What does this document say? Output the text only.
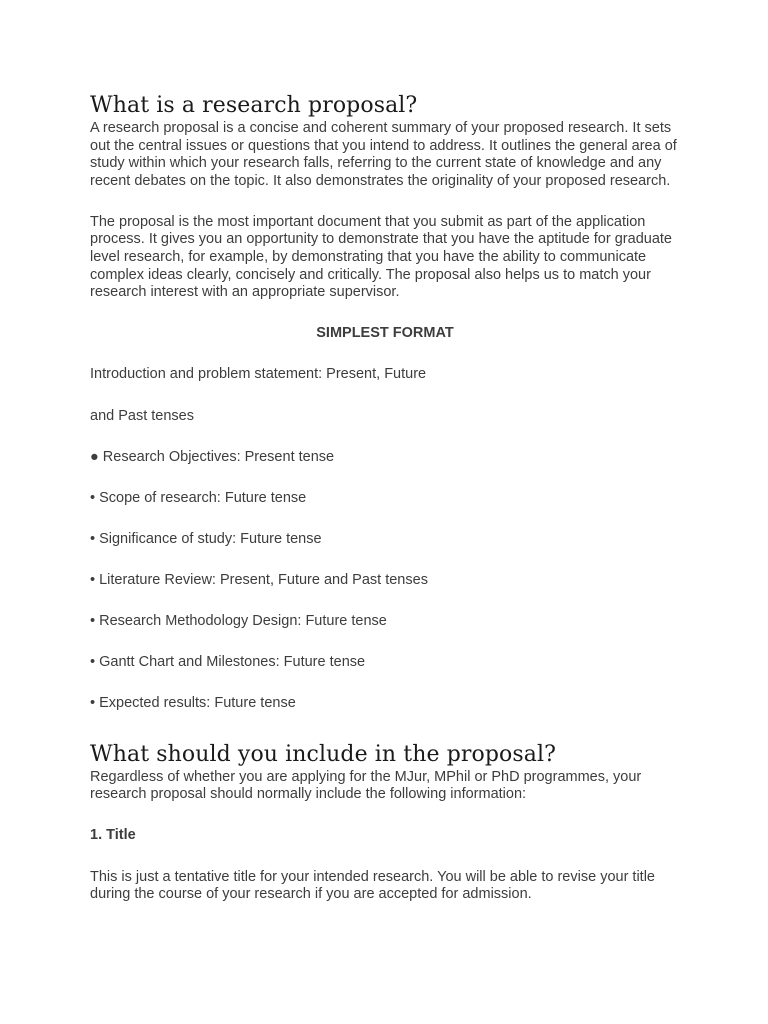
What is a research proposal?

A research proposal is a concise and coherent summary of your proposed research. It sets out the central issues or questions that you intend to address. It outlines the general area of study within which your research falls, referring to the current state of knowledge and any recent debates on the topic. It also demonstrates the originality of your proposed research.

The proposal is the most important document that you submit as part of the application process. It gives you an opportunity to demonstrate that you have the aptitude for graduate level research, for example, by demonstrating that you have the ability to communicate complex ideas clearly, concisely and critically. The proposal also helps us to match your research interest with an appropriate supervisor.

SIMPLEST FORMAT

Introduction and problem statement: Present, Future

and Past tenses

● Research Objectives: Present tense

• Scope of research: Future tense

• Significance of study: Future tense

• Literature Review: Present, Future and Past tenses

• Research Methodology Design: Future tense

• Gantt Chart and Milestones: Future tense

• Expected results: Future tense

What should you include in the proposal?

Regardless of whether you are applying for the MJur, MPhil or PhD programmes, your research proposal should normally include the following information:

1. Title

This is just a tentative title for your intended research. You will be able to revise your title during the course of your research if you are accepted for admission.
